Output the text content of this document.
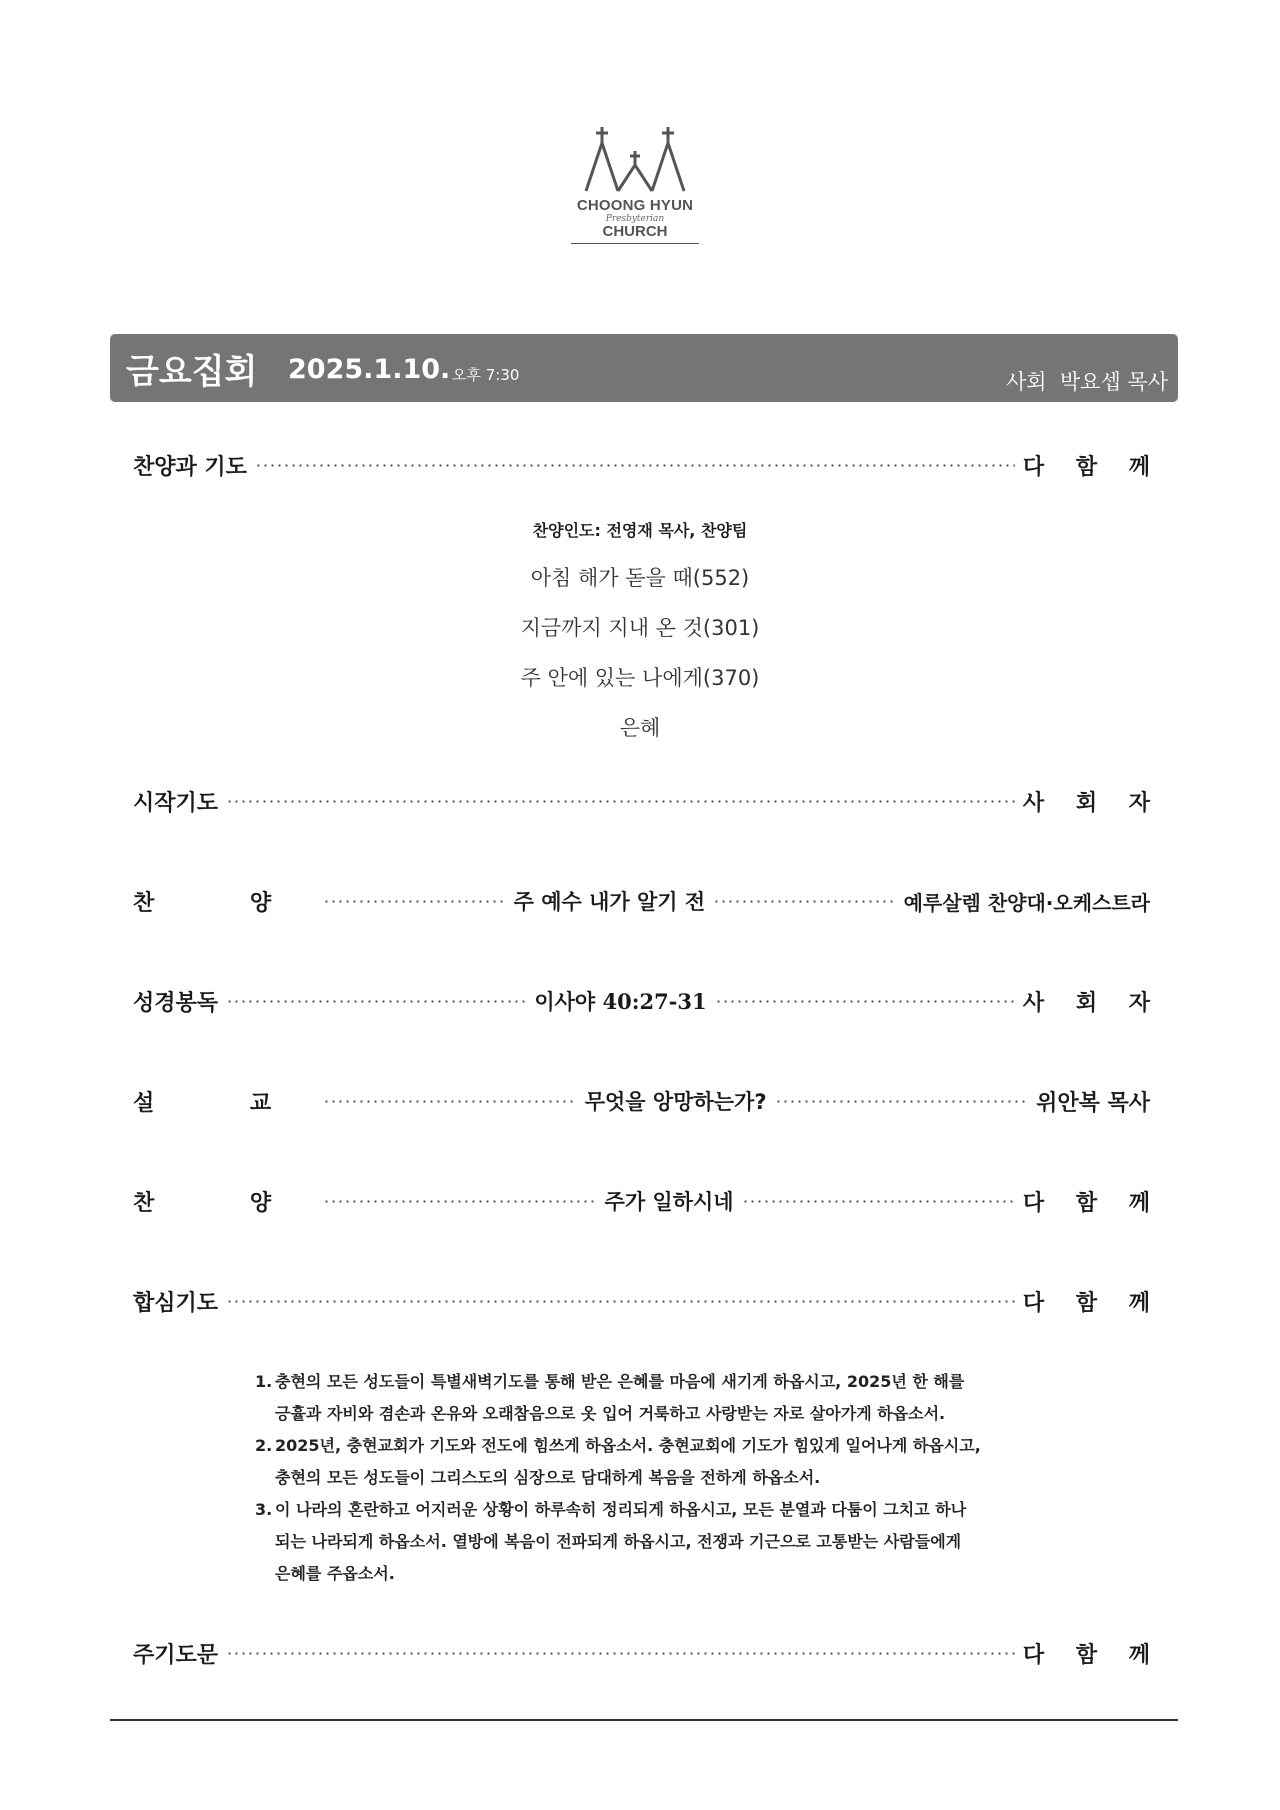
CHOONG HYUN
Presbyterian
CHURCH
금요집회 2025.1.10. 오후 7:30	사회  박요셉 목사
찬양과 기도	다 함 께
찬양인도: 전영재 목사, 찬양팀
아침 해가 돋을 때(552)
지금까지 지내 온 것(301)
주 안에 있는 나에게(370)
은혜
시작기도	사 회 자
찬 양	주 예수 내가 알기 전	예루살렘 찬양대·오케스트라
성경봉독	이사야 40:27-31	사 회 자
설 교	무엇을 앙망하는가?	위안복 목사
찬 양	주가 일하시네	다 함 께
합심기도	다 함 께
1. 충현의 모든 성도들이 특별새벽기도를 통해 받은 은혜를 마음에 새기게 하옵시고, 2025년 한 해를
긍휼과 자비와 겸손과 온유와 오래참음으로 옷 입어 거룩하고 사랑받는 자로 살아가게 하옵소서.
2. 2025년, 충현교회가 기도와 전도에 힘쓰게 하옵소서. 충현교회에 기도가 힘있게 일어나게 하옵시고,
충현의 모든 성도들이 그리스도의 심장으로 담대하게 복음을 전하게 하옵소서.
3. 이 나라의 혼란하고 어지러운 상황이 하루속히 정리되게 하옵시고, 모든 분열과 다툼이 그치고 하나
되는 나라되게 하옵소서. 열방에 복음이 전파되게 하옵시고, 전쟁과 기근으로 고통받는 사람들에게
은혜를 주옵소서.
주기도문	다 함 께
